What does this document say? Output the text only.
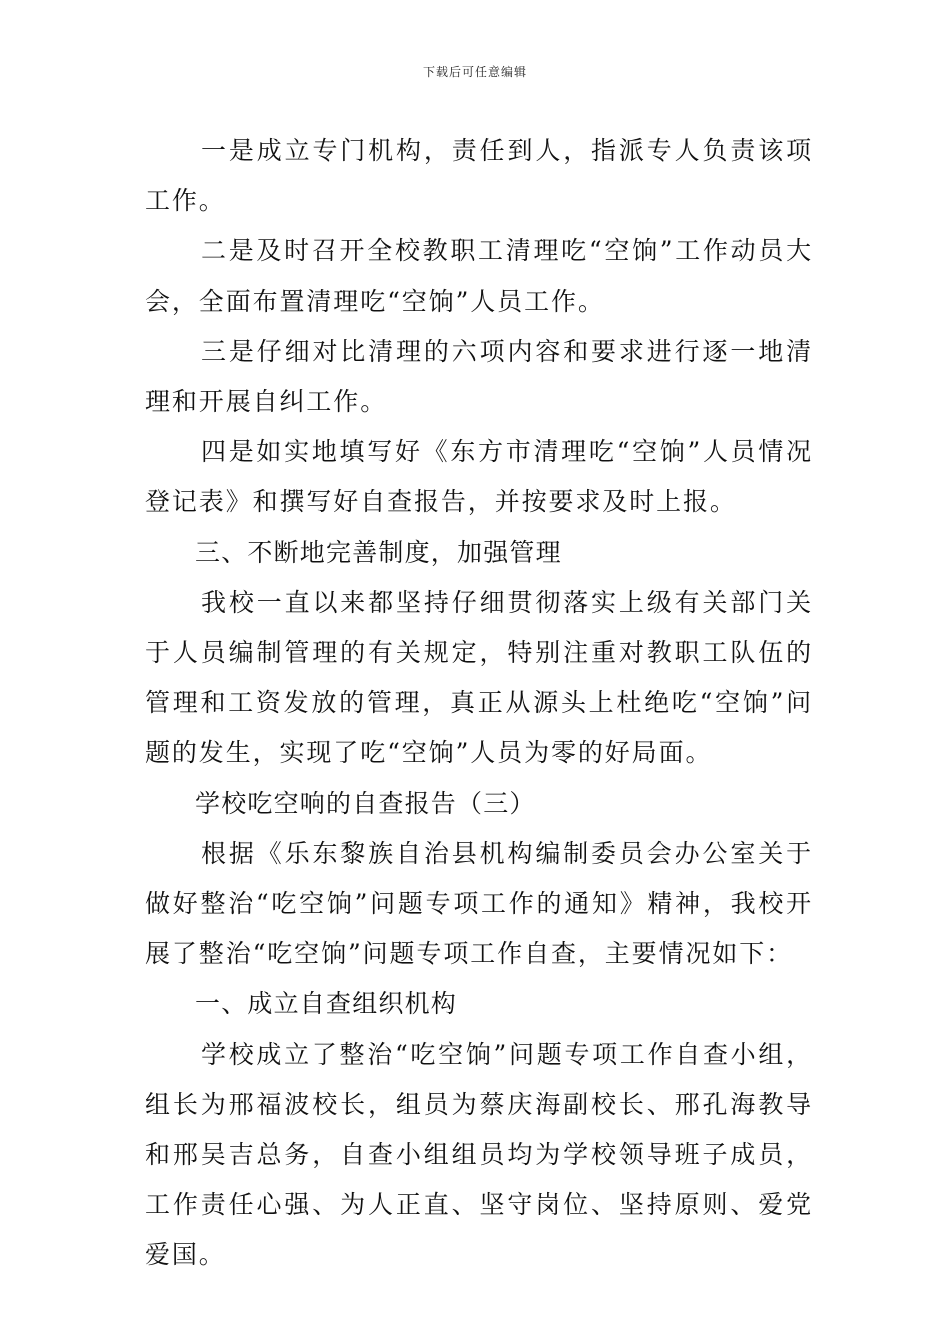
下载后可任意编辑

一是成立专门机构，责任到人，指派专人负责该项工作。

二是及时召开全校教职工清理吃“空饷”工作动员大会，全面布置清理吃“空饷”人员工作。

三是仔细对比清理的六项内容和要求进行逐一地清理和开展自纠工作。

四是如实地填写好《东方市清理吃“空饷”人员情况登记表》和撰写好自查报告，并按要求及时上报。

三、不断地完善制度，加强管理

我校一直以来都坚持仔细贯彻落实上级有关部门关于人员编制管理的有关规定，特别注重对教职工队伍的管理和工资发放的管理，真正从源头上杜绝吃“空饷”问题的发生，实现了吃“空饷”人员为零的好局面。

学校吃空响的自查报告（三）

根据《乐东黎族自治县机构编制委员会办公室关于做好整治“吃空饷”问题专项工作的通知》精神，我校开展了整治“吃空饷”问题专项工作自查，主要情况如下：

一、成立自查组织机构

学校成立了整治“吃空饷”问题专项工作自查小组，组长为邢福波校长，组员为蔡庆海副校长、邢孔海教导和邢吴吉总务，自查小组组员均为学校领导班子成员，工作责任心强、为人正直、坚守岗位、坚持原则、爱党爱国。
